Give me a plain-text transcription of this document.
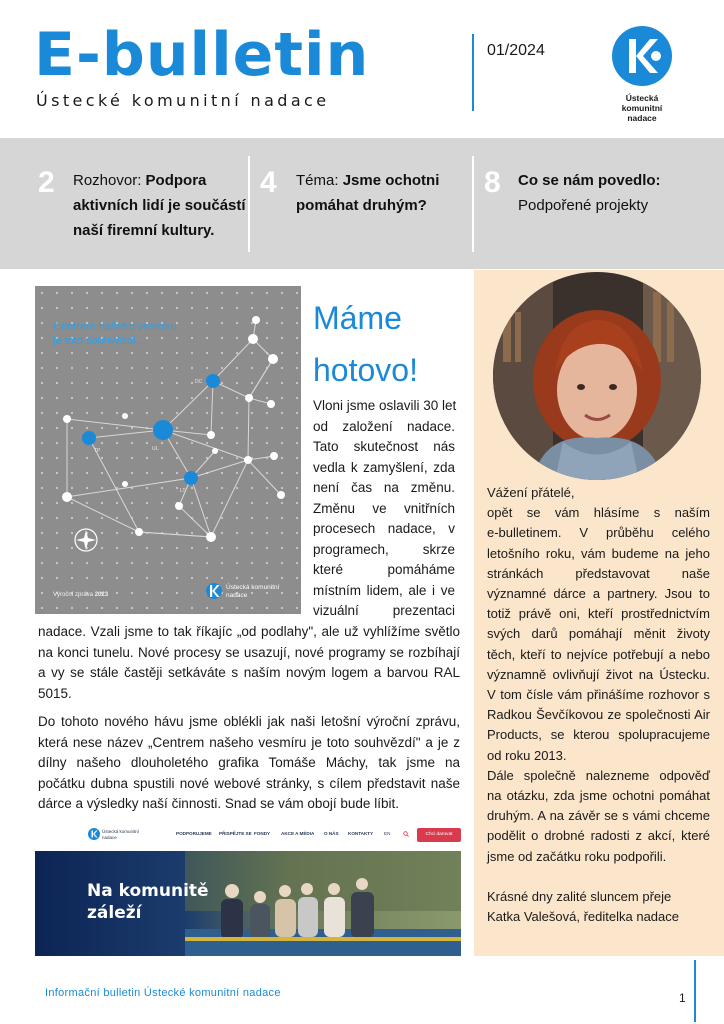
E-bulletin
Ústecké komunitní nadace
01/2024
Ústecká komunitní nadace
2 Rozhovor: Podpora
aktivních lidí je součástí
naší firemní kultury.
4 Téma: Jsme ochotni
pomáhat druhým?
8 Co se nám povedlo:
Podpořené projekty
Centrem našeho vesmíru
je toto souhvězdí...
TP	UL
DC
LT
Výroční zpráva 2023
Ústecká komunitní
nadace
Máme
hotovo!
Vloni jsme oslavili 30 let
od založení nadace.
Tato skutečnost nás
vedla k zamyšlení, zda
není čas na změnu.
Změnu ve vnitřních
procesech nadace, v
programech, skrze
které pomáháme
místním lidem, ale i ve
vizuální prezentaci
nadace. Vzali jsme to tak říkajíc „od podlahy", ale už vyhlížíme světlo
na konci tunelu. Nové procesy se usazují, nové programy se rozbíhají
a vy se stále častěji setkáváte s naším novým logem a barvou RAL
5015.
Do tohoto nového hávu jsme oblékli jak naši letošní výroční zprávu,
která nese název „Centrem našeho vesmíru je toto souhvězdí" a je z
dílny našeho dlouholetého grafika Tomáše Máchy, tak jsme na
počátku dubna spustili nové webové stránky, s cílem představit naše
dárce a výsledky naší činnosti. Snad se vám obojí bude líbit.
Ústecká komunitní
nadace
PODPORUJEME PŘISPĚJTE SE FONDY AKCE A MÉDIA O NÁS KONTAKTY EN	Chci darovat
Na komunitě
záleží
Vážení přátelé,
opět se vám hlásíme s naším
e-bulletinem. V průběhu celého
letošního roku, vám budeme na jeho
stránkách představovat naše
významné dárce a partnery. Jsou to
totiž právě oni, kteří prostřednictvím
svých darů pomáhají měnit životy
těch, kteří to nejvíce potřebují a nebo
významně ovlivňují život na Ústecku.
V tom čísle vám přinášíme rozhovor s
Radkou Ševčíkovou ze společnosti Air
Products, se kterou spolupracujeme
od roku 2013.
Dále společně nalezneme odpověď
na otázku, zda jsme ochotni pomáhat
druhým. A na závěr se s vámi chceme
podělit o drobné radosti z akcí, které
jsme od začátku roku podpořili.
Krásné dny zalité sluncem přeje
Katka Valešová, ředitelka nadace
Informační bulletin Ústecké komunitní nadace	1
